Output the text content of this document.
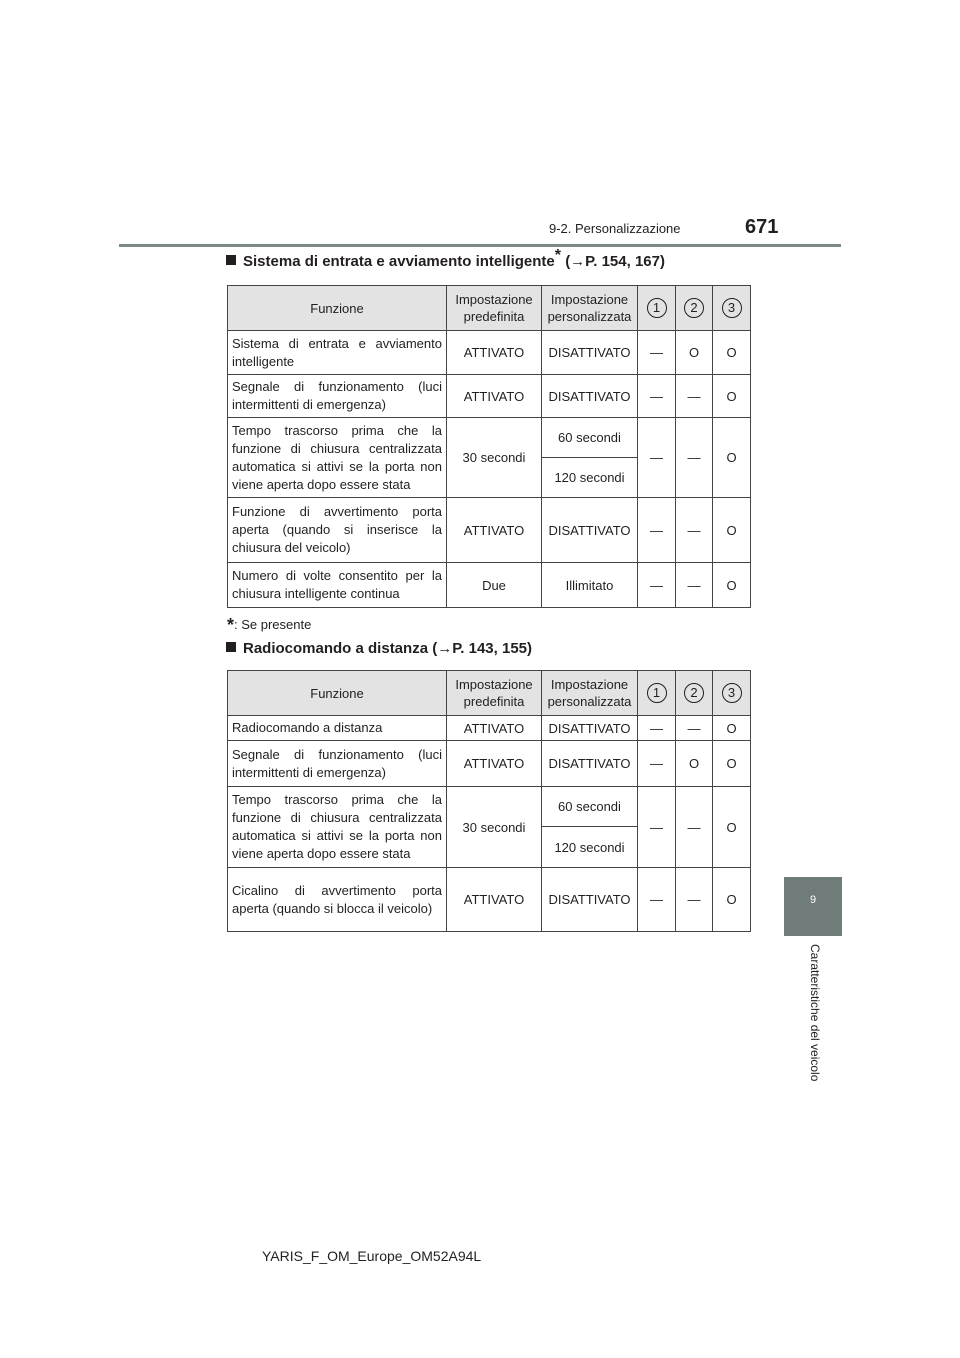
9-2. Personalizzazione	671
9
Caratteristiche del veicolo
Sistema di entrata e avviamento intelligente* (→P. 154, 167)
Funzione	Impostazione predefinita	Impostazione personalizzata	1	2	3
Sistema di entrata e avviamento intelligente	ATTIVATO	DISATTIVATO	—	O	O
Segnale di funzionamento (luci intermittenti di emergenza)	ATTIVATO	DISATTIVATO	—	—	O
Tempo trascorso prima che la funzione di chiusura centralizzata automatica si attivi se la porta non viene aperta dopo essere stata	30 secondi	60 secondi	—	—	O
		120 secondi			
Funzione di avvertimento porta aperta (quando si inserisce la chiusura del veicolo)	ATTIVATO	DISATTIVATO	—	—	O
Numero di volte consentito per la chiusura intelligente continua	Due	Illimitato	—	—	O
*: Se presente
Radiocomando a distanza (→P. 143, 155)
Funzione	Impostazione predefinita	Impostazione personalizzata	1	2	3
Radiocomando a distanza	ATTIVATO	DISATTIVATO	—	—	O
Segnale di funzionamento (luci intermittenti di emergenza)	ATTIVATO	DISATTIVATO	—	O	O
Tempo trascorso prima che la funzione di chiusura centralizzata automatica si attivi se la porta non viene aperta dopo essere stata	30 secondi	60 secondi	—	—	O
		120 secondi			
Cicalino di avvertimento porta aperta (quando si blocca il veicolo)	ATTIVATO	DISATTIVATO	—	—	O
YARIS_F_OM_Europe_OM52A94L
